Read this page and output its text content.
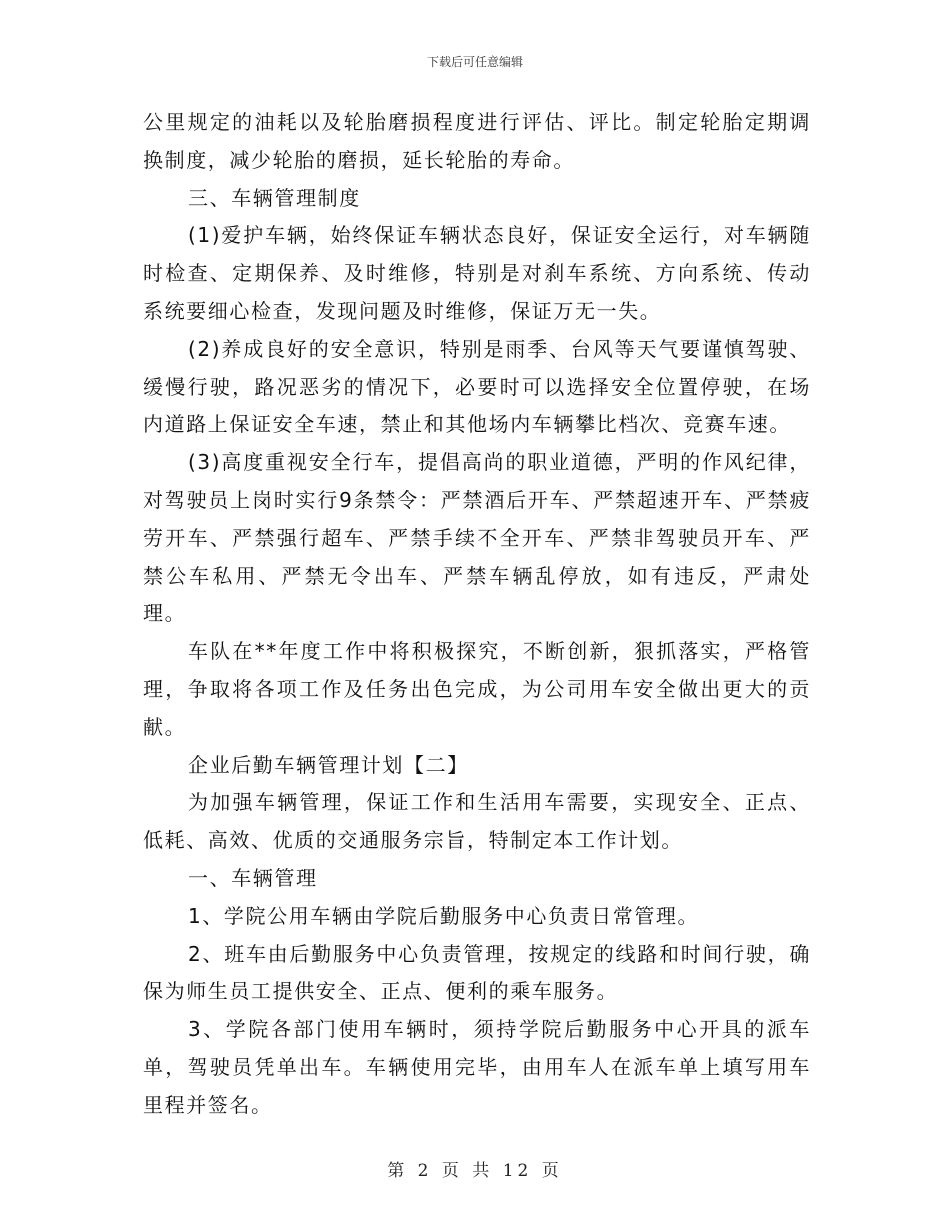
下载后可任意编辑

公里规定的油耗以及轮胎磨损程度进行评估、评比。制定轮胎定期调换制度，减少轮胎的磨损，延长轮胎的寿命。

三、车辆管理制度

(1)爱护车辆，始终保证车辆状态良好，保证安全运行，对车辆随时检查、定期保养、及时维修，特别是对刹车系统、方向系统、传动系统要细心检查，发现问题及时维修，保证万无一失。

(2)养成良好的安全意识，特别是雨季、台风等天气要谨慎驾驶、缓慢行驶，路况恶劣的情况下，必要时可以选择安全位置停驶，在场内道路上保证安全车速，禁止和其他场内车辆攀比档次、竞赛车速。

(3)高度重视安全行车，提倡高尚的职业道德，严明的作风纪律，对驾驶员上岗时实行9条禁令：严禁酒后开车、严禁超速开车、严禁疲劳开车、严禁强行超车、严禁手续不全开车、严禁非驾驶员开车、严禁公车私用、严禁无令出车、严禁车辆乱停放，如有违反，严肃处理。

车队在**年度工作中将积极探究，不断创新，狠抓落实，严格管理，争取将各项工作及任务出色完成，为公司用车安全做出更大的贡献。

企业后勤车辆管理计划【二】

为加强车辆管理，保证工作和生活用车需要，实现安全、正点、低耗、高效、优质的交通服务宗旨，特制定本工作计划。

一、车辆管理

1、学院公用车辆由学院后勤服务中心负责日常管理。

2、班车由后勤服务中心负责管理，按规定的线路和时间行驶，确保为师生员工提供安全、正点、便利的乘车服务。

3、学院各部门使用车辆时，须持学院后勤服务中心开具的派车单，驾驶员凭单出车。车辆使用完毕，由用车人在派车单上填写用车里程并签名。

第 2 页 共 12 页
